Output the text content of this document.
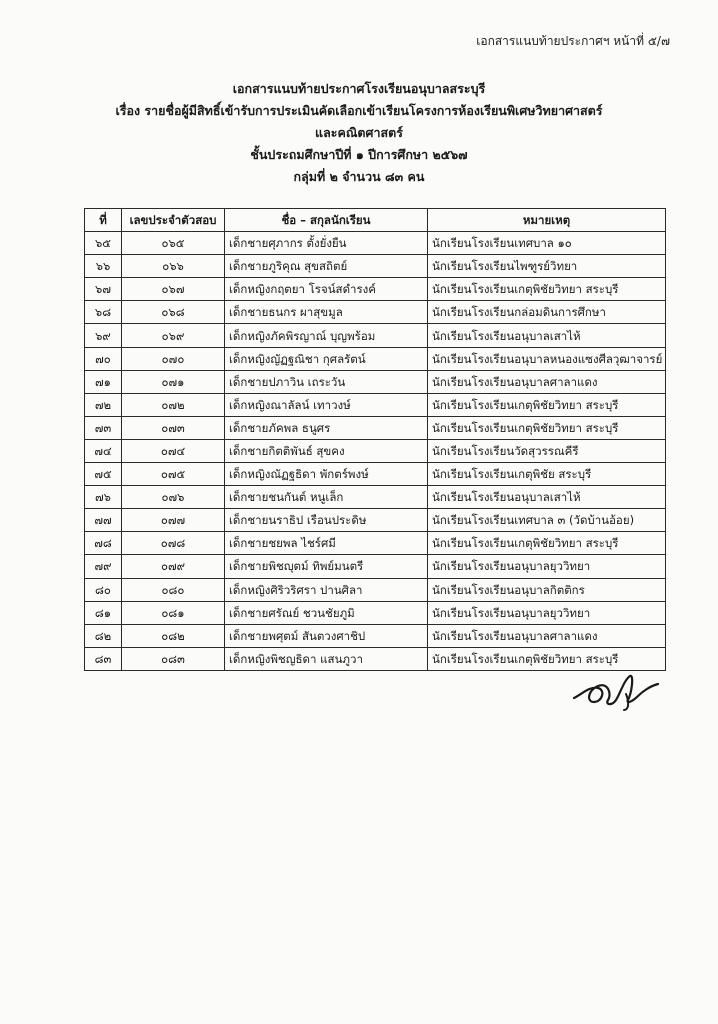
เอกสารแนบท้ายประกาศฯ หน้าที่ ๕/๗
เอกสารแนบท้ายประกาศโรงเรียนอนุบาลสระบุรี
เรื่อง รายชื่อผู้มีสิทธิ์เข้ารับการประเมินคัดเลือกเข้าเรียนโครงการห้องเรียนพิเศษวิทยาศาสตร์
และคณิตศาสตร์
ชั้นประถมศึกษาปีที่ ๑ ปีการศึกษา ๒๕๖๗
กลุ่มที่ ๒ จำนวน ๘๓ คน
ที่	เลขประจำตัวสอบ	ชื่อ – สกุลนักเรียน	หมายเหตุ
๖๕	๐๖๕	เด็กชายศุภากร ตั้งยั่งยืน	นักเรียนโรงเรียนเทศบาล ๑๐
๖๖	๐๖๖	เด็กชายภูริคุณ สุขสถิตย์	นักเรียนโรงเรียนไพฑูรย์วิทยา
๖๗	๐๖๗	เด็กหญิงกฤตยา โรจน์สดำรงค์	นักเรียนโรงเรียนเกตุพิชัยวิทยา สระบุรี
๖๘	๐๖๘	เด็กชายธนกร ผาสุขมูล	นักเรียนโรงเรียนกล่อมดินการศึกษา
๖๙	๐๖๙	เด็กหญิงภัคพิรญาณ์ บุญพร้อม	นักเรียนโรงเรียนอนุบาลเสาไห้
๗๐	๐๗๐	เด็กหญิงญัฏฐณิชา กุศลรัตน์	นักเรียนโรงเรียนอนุบาลหนองแซงศีลวุฒาจารย์
๗๑	๐๗๑	เด็กชายปภาวิน เถระวัน	นักเรียนโรงเรียนอนุบาลศาลาแดง
๗๒	๐๗๒	เด็กหญิงณาลัลน์ เทาวงษ์	นักเรียนโรงเรียนเกตุพิชัยวิทยา สระบุรี
๗๓	๐๗๓	เด็กชายภัคพล ธนูศร	นักเรียนโรงเรียนเกตุพิชัยวิทยา สระบุรี
๗๔	๐๗๔	เด็กชายกิตติพันธ์ สุขคง	นักเรียนโรงเรียนวัดสุวรรณคีรี
๗๕	๐๗๕	เด็กหญิงณัฏฐธิดา พักตร์พงษ์	นักเรียนโรงเรียนเกตุพิชัย สระบุรี
๗๖	๐๗๖	เด็กชายชนกันต์ หนูเล็ก	นักเรียนโรงเรียนอนุบาลเสาไห้
๗๗	๐๗๗	เด็กชายนราธิป เรือนประดิษ	นักเรียนโรงเรียนเทศบาล ๓ (วัดบ้านอ้อย)
๗๘	๐๗๘	เด็กชายชยพล ไชร์ศมี	นักเรียนโรงเรียนเกตุพิชัยวิทยา สระบุรี
๗๙	๐๗๙	เด็กชายพิชญุตม์ ทิพย์มนตรี	นักเรียนโรงเรียนอนุบาลยุววิทยา
๘๐	๐๘๐	เด็กหญิงศิริวริศรา ปานศิลา	นักเรียนโรงเรียนอนุบาลกิตติกร
๘๑	๐๘๑	เด็กชายศรัณย์ ชวนชัยภูมิ	นักเรียนโรงเรียนอนุบาลยุววิทยา
๘๒	๐๘๒	เด็กชายพศุตม์ สันตวงศาชิป	นักเรียนโรงเรียนอนุบาลศาลาแดง
๘๓	๐๘๓	เด็กหญิงพิชญธิดา แสนภูวา	นักเรียนโรงเรียนเกตุพิชัยวิทยา สระบุรี
